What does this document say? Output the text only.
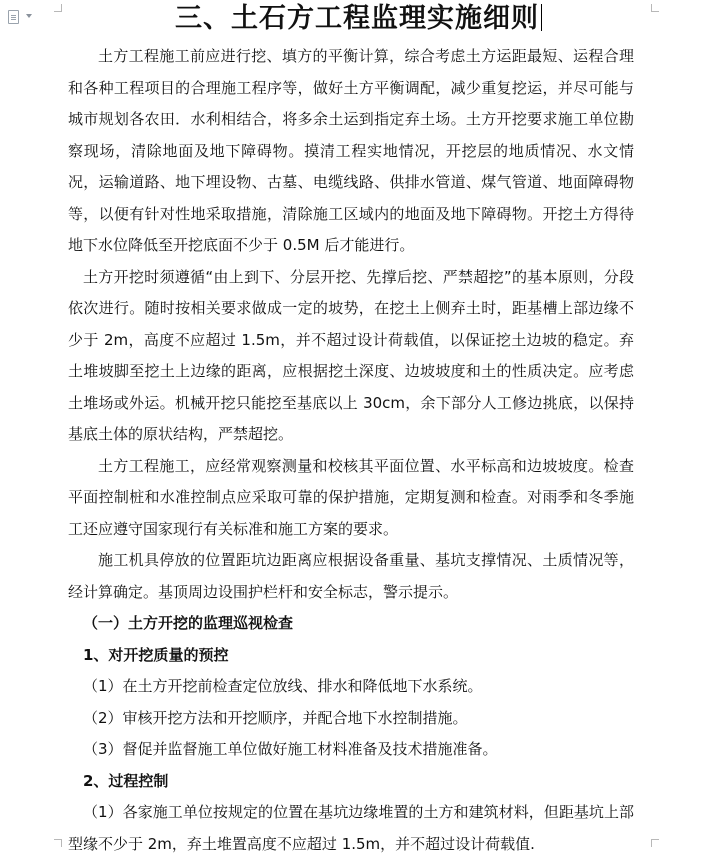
三、土石方工程监理实施细则

土方工程施工前应进行挖、填方的平衡计算，综合考虑土方运距最短、运程合理和各种工程项目的合理施工程序等，做好土方平衡调配，减少重复挖运，并尽可能与城市规划各农田．水利相结合，将多余土运到指定弃土场。土方开挖要求施工单位勘察现场，清除地面及地下障碍物。摸清工程实地情况，开挖层的地质情况、水文情况，运输道路、地下埋设物、古墓、电缆线路、供排水管道、煤气管道、地面障碍物等，以便有针对性地采取措施，清除施工区域内的地面及地下障碍物。开挖土方得待地下水位降低至开挖底面不少于 0.5M 后才能进行。

土方开挖时须遵循“由上到下、分层开挖、先撑后挖、严禁超挖”的基本原则，分段依次进行。随时按相关要求做成一定的坡势，在挖土上侧弃土时，距基槽上部边缘不少于 2m，高度不应超过 1.5m，并不超过设计荷载值，以保证挖土边坡的稳定。弃土堆坡脚至挖土上边缘的距离，应根据挖土深度、边坡坡度和土的性质决定。应考虑土堆场或外运。机械开挖只能挖至基底以上 30cm，余下部分人工修边挑底，以保持基底土体的原状结构，严禁超挖。

土方工程施工，应经常观察测量和校核其平面位置、水平标高和边坡坡度。检查平面控制桩和水准控制点应采取可靠的保护措施，定期复测和检查。对雨季和冬季施工还应遵守国家现行有关标准和施工方案的要求。

施工机具停放的位置距坑边距离应根据设备重量、基坑支撑情况、土质情况等，经计算确定。基顶周边设围护栏杆和安全标志，警示提示。

（一）土方开挖的监理巡视检查

1、对开挖质量的预控

（1）在土方开挖前检查定位放线、排水和降低地下水系统。

（2）审核开挖方法和开挖顺序，并配合地下水控制措施。

（3）督促并监督施工单位做好施工材料准备及技术措施准备。

2、过程控制

（1）各家施工单位按规定的位置在基坑边缘堆置的土方和建筑材料，但距基坑上部型缘不少于 2m，弃土堆置高度不应超过 1.5m，并不超过设计荷载值.
